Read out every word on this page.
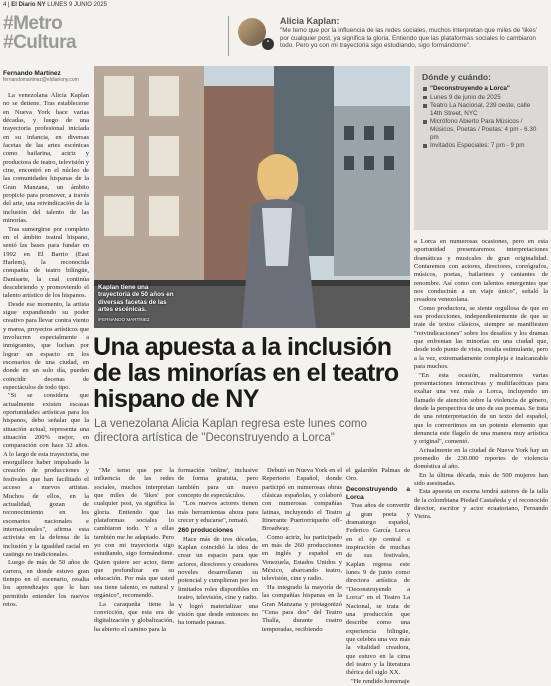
4 | El Diario NY LUNES 9 JUNIO 2025
#Metro
#Cultura	“
Alicia Kaplan:
"Me temo que por la influencia de las redes sociales, muchos interpretan que miles de 'likes' por cualquier post, ya significa la gloria. Entiendo que las plataformas sociales lo cambiaron todo. Pero yo con mi trayectoria sigo estudiando, sigo formándome".
Fernando Martínez
fernandomartinez@eldiariony.com

La venezolana Alicia Kaplan no se detiene. Tras establecerse en Nueva York hace varias décadas, y luego de una trayectoria profesional iniciada en su infancia, en diversas facetas de las artes escénicas como bailarina, actriz y productora de teatro, televisión y cine, encontró en el núcleo de las comunidades hispanas de la Gran Manzana, un ámbito propicio para promover, a través del arte, una reivindicación de la inclusión del talento de las minorías.

Tras sumergirse por completo en el ámbito teatral hispano, sentó las bases para fundar en 1992 en El Barrio (East Harlem), la reconocida compañía de teatro bilingüe, Danisarte, la cual continúa descubriendo y promoviendo el talento artístico de los hispanos.

Desde ese momento, la artista sigue expandiendo su poder creativo para llevar contra viento y marea, proyectos artísticos que involucren especialmente a inmigrantes, que luchan por lograr un espacio en los escenarios de una ciudad, en donde en un solo día, pueden coincidir decenas de espectáculos de todo tipo.

"Si se considera que actualmente existen escasas oportunidades artísticas para los hispanos, debo señalar que la situación actual, representa una situación 200% mejor, en comparación con hace 32 años. A lo largo de esta trayectoria, me enorgullece haber impulsado la creación de producciones y festivales que han facilitado el acceso a nuevos artistas. Muchos de ellos, en la actualidad, gozan de reconocimiento en los escenarios nacionales e internacionales", afirma esta activista en la defensa de la inclusión y la igualdad racial en castings no tradicionales.

Luego de más de 50 años de carrera, en donde estuvo gran tiempo en el escenario, resalta los aprendizajes que le han permitido entender los nuevos retos.

Kaplan tiene una trayectoria de 50 años en diversas facetas de las artes escénicas.
/FERNANDO MARTÍNEZ
Dónde y cuándo:
"Deconstruyendo a Lorca"
Lunes 9 de junio de 2025
Teatro La Nacional, 239 oeste, calle 14th Street, NYC
Micrófono Abierto Para Músicos / Músicos, Poetas / Poetas: 4 pm - 6.30 pm
Invitados Especiales: 7 pm - 9 pm

a Lorca en numerosas ocasiones, pero en esta oportunidad presentaremos interpretaciones dramáticas y musicales de gran originalidad. Contaremos con actores, directores, coreógrafos, músicos, poetas, bailarines y cantantes de renombre. Así como con talentos emergentes que nos conducirán a un viaje único", señaló la creadora venezolana.

Como productora, se siente orgullosa de que en sus producciones, independientemente de que se trate de textos clásicos, siempre se manifiesten "reivindicaciones" sobre los desafíos y los dramas que enfrentan las minorías en una ciudad que, desde todo punto de vista, resulta estimulante, pero a la vez, extremadamente compleja e inalcanzable para muchos.

"En esta ocasión, realizaremos varias presentaciones interactivas y multifacéticas para exaltar una vez más a Lorca, incluyendo un llamado de atención sobre la violencia de género, desde la perspectiva de uno de sus poemas. Se trata de una reinterpretación de un texto del español, que lo convertimos en un potente elemento que denuncia este flagelo de una manera muy artística y original", comentó.

Actualmente en la ciudad de Nueva York hay un promedio de 230.000 reportes de violencia doméstica al año.

En la última década, más de 500 mujeres han sido asesinadas.

Esta apuesta en escena tendrá autores de la talla de la colombiana Piedad Castañeda y el reconocido director, escritor y actor ecuatoriano, Fernando Vieira.

Una apuesta a la inclusión de las minorías en el teatro hispano de NY
La venezolana Alicia Kaplan regresa este lunes como directora artística de "Deconstruyendo a Lorca"

"Me temo que por la influencia de las redes sociales, muchos interpretan que miles de 'likes' por cualquier post, ya significa la gloria. Entiendo que las plataformas sociales lo cambiaron todo. Y a ellas también me he adaptado. Pero yo con mi trayectoria sigo estudiando, sigo formándome. Quien quiere ser actor, tiene que profundizar en su educación. Por más que usted sea tiene talento, es natural y orgánico", recomendó.

La caraqueña tiene la convicción, que esta era de digitalización y globalización, ha abierto el camino para la

formación 'online', inclusive de forma gratuita, pero también para un nuevo concepto de espectáculos.

"Los nuevos actores tienen más herramientas ahora para crecer y educarse", remató.

260 producciones

Hace más de tres décadas, Kaplan coincidió la idea de crear un espacio para que actores, directores y creadores noveles desarrollaran su potencial y cumplieran por los limitados roles disponibles en teatro, televisión, cine y radio. Y logró materializar una visión que desde entonces no ha tomado pausas.

Debutó en Nueva York en el Repertorio Español, donde participó en numerosas obras clásicas españolas, y colaboró con numerosas compañías latinas, incluyendo el Teatro Itinerante Puertorriqueño off-Broadway.

Como actriz, ha participado en más de 260 producciones en inglés y español en Venezuela, Estados Unidos y México, abarcando teatro, televisión, cine y radio.

Ha integrado la mayoría de las compañías hispanas en la Gran Manzana y protagonizó "Cena para dos" del Teatro Thalía, durante cuatro temporadas, recibiendo

el galardón Palmas de Oro.

Deconstruyendo a Lorca

Tras años de convertir al gran poeta y dramaturgo español, Federico García Lorca en el eje central e inspiración de muchas de sus festivales, Kaplan regresa este lunes 9 de junio como directora artística de "Deconstruyendo a Lorca" en el Teatro La Nacional, se trata de una producción que describe como una experiencia bilingüe, que celebra una vez más la vitalidad creadora, que estuvo en la cima del teatro y la literatura ibérica del siglo XX.

"He rendido homenaje
